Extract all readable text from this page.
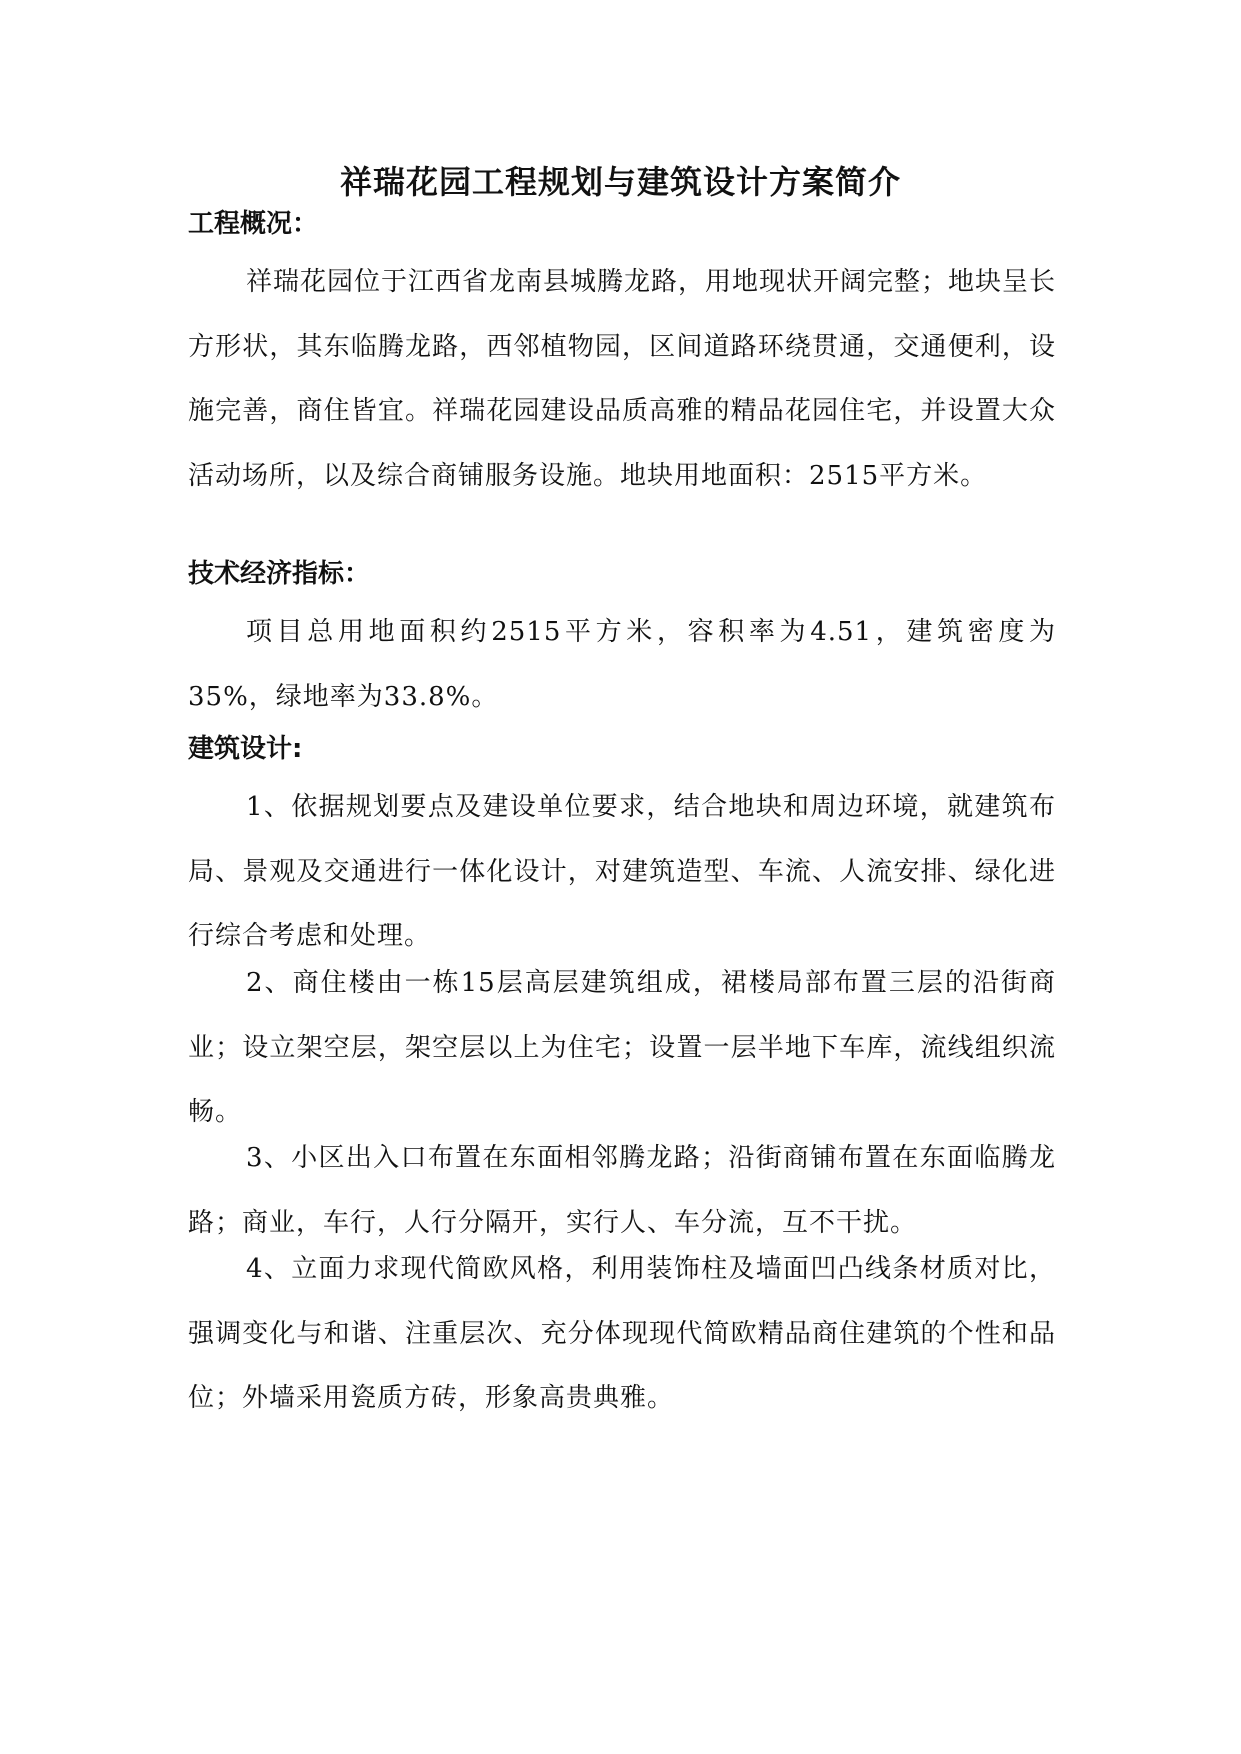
祥瑞花园工程规划与建筑设计方案简介
工程概况：
祥瑞花园位于江西省龙南县城腾龙路，用地现状开阔完整；地块呈长方形状，其东临腾龙路，西邻植物园，区间道路环绕贯通，交通便利，设施完善，商住皆宜。祥瑞花园建设品质高雅的精品花园住宅，并设置大众活动场所，以及综合商铺服务设施。地块用地面积：2515平方米。
技术经济指标：
项目总用地面积约2515平方米，容积率为4.51，建筑密度为35%，绿地率为33.8%。
建筑设计:
1、依据规划要点及建设单位要求，结合地块和周边环境，就建筑布局、景观及交通进行一体化设计，对建筑造型、车流、人流安排、绿化进行综合考虑和处理。
2、商住楼由一栋15层高层建筑组成，裙楼局部布置三层的沿街商业；设立架空层，架空层以上为住宅；设置一层半地下车库，流线组织流畅。
3、小区出入口布置在东面相邻腾龙路；沿街商铺布置在东面临腾龙路；商业，车行，人行分隔开，实行人、车分流，互不干扰。
4、立面力求现代简欧风格，利用装饰柱及墙面凹凸线条材质对比，强调变化与和谐、注重层次、充分体现现代简欧精品商住建筑的个性和品位；外墙采用瓷质方砖，形象高贵典雅。
